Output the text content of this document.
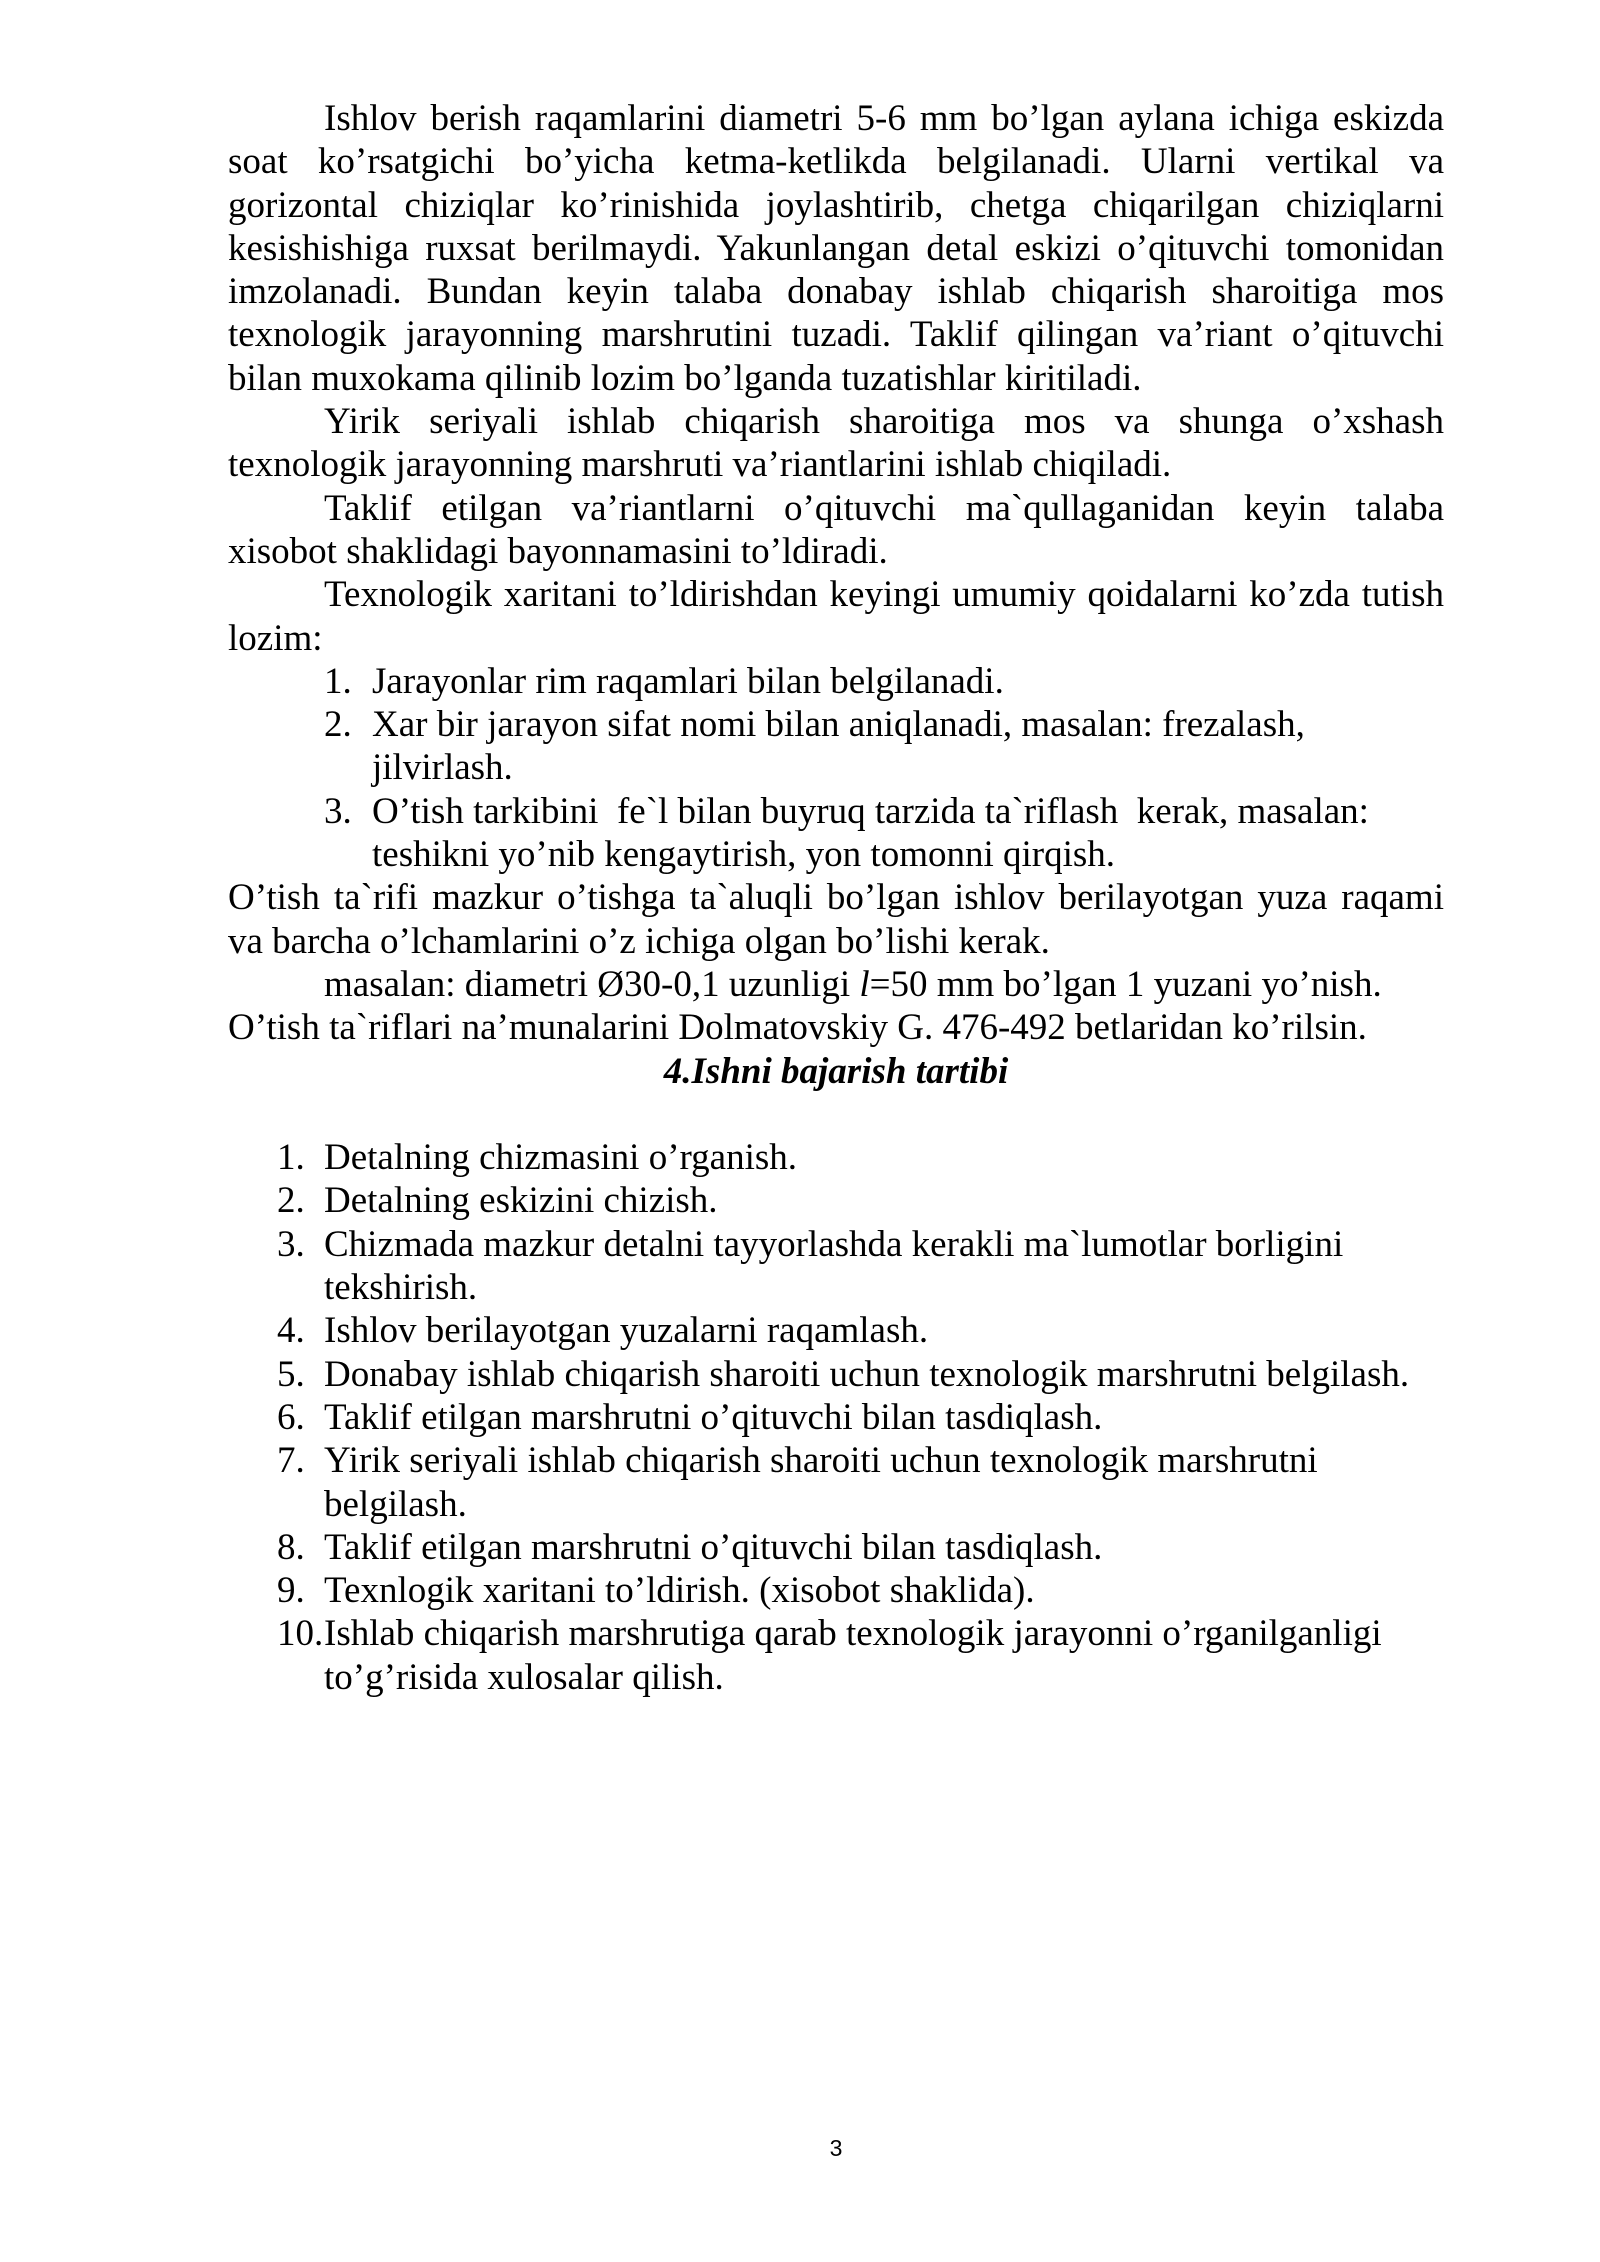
Ishlov berish raqamlarini diametri 5-6 mm bo’lgan aylana ichiga eskizda
soat ko’rsatgichi bo’yicha ketma-ketlikda belgilanadi. Ularni vertikal va
gorizontal chiziqlar ko’rinishida joylashtirib, chetga chiqarilgan chiziqlarni
kesishishiga ruxsat berilmaydi. Yakunlangan detal eskizi o’qituvchi tomonidan
imzolanadi. Bundan keyin talaba donabay ishlab chiqarish sharoitiga mos
texnologik jarayonning marshrutini tuzadi. Taklif qilingan va’riant o’qituvchi
bilan muxokama qilinib lozim bo’lganda tuzatishlar kiritiladi.
Yirik seriyali ishlab chiqarish sharoitiga mos va shunga o’xshash
texnologik jarayonning marshruti va’riantlarini ishlab chiqiladi.
Taklif etilgan va’riantlarni o’qituvchi ma`qullaganidan keyin talaba
xisobot shaklidagi bayonnamasini to’ldiradi.
Texnologik xaritani to’ldirishdan keyingi umumiy qoidalarni ko’zda tutish
lozim:

1.

Jarayonlar rim raqamlari bilan belgilanadi.

2.

Xar bir jarayon sifat nomi bilan aniqlanadi, masalan: frezalash,

jilvirlash.

3.

O’tish tarkibini  fe`l bilan buyruq tarzida ta`riflash  kerak, masalan:

teshikni yo’nib kengaytirish, yon tomonni qirqish.

O’tish ta`rifi mazkur o’tishga ta`aluqli bo’lgan ishlov berilayotgan yuza raqami
va barcha o’lchamlarini o’z ichiga olgan bo’lishi kerak.
masalan: diametri Ø30-0,1 uzunligi l=50 mm bo’lgan 1 yuzani yo’nish.
O’tish ta`riflari na’munalarini Dolmatovskiy G. 476-492 betlaridan ko’rilsin.
4.Ishni bajarish tartibi

1.

Detalning chizmasini o’rganish.

2.

Detalning eskizini chizish.

3.

Chizmada mazkur detalni tayyorlashda kerakli ma`lumotlar borligini

tekshirish.

4.

Ishlov berilayotgan yuzalarni raqamlash.

5.

Donabay ishlab chiqarish sharoiti uchun texnologik marshrutni belgilash.

6.

Taklif etilgan marshrutni o’qituvchi bilan tasdiqlash.

7.

Yirik seriyali ishlab chiqarish sharoiti uchun texnologik marshrutni

belgilash.

8.

Taklif etilgan marshrutni o’qituvchi bilan tasdiqlash.

9.

Texnlogik xaritani to’ldirish. (xisobot shaklida).

10.

Ishlab chiqarish marshrutiga qarab texnologik jarayonni o’rganilganligi

to’g’risida xulosalar qilish.

3
